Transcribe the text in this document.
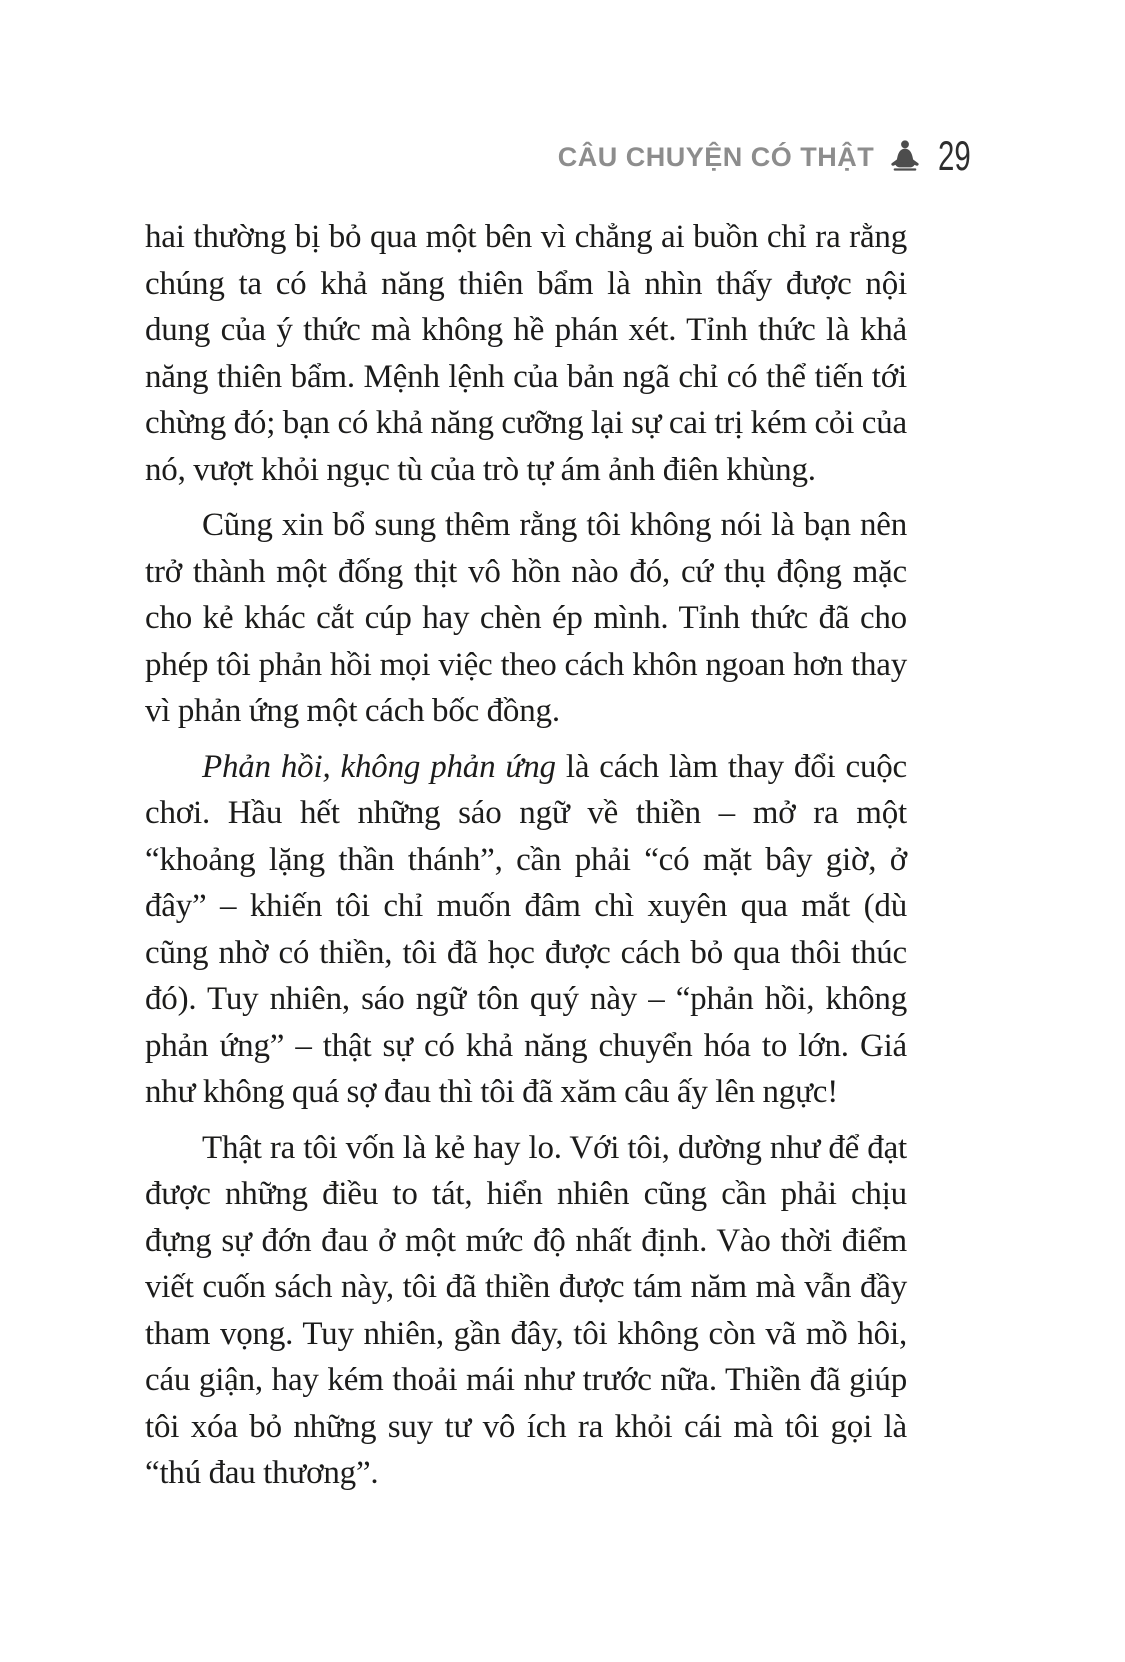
CÂU CHUYỆN CÓ THẬT 29

hai thường bị bỏ qua một bên vì chẳng ai buồn chỉ ra rằng chúng ta có khả năng thiên bẩm là nhìn thấy được nội dung của ý thức mà không hề phán xét. Tỉnh thức là khả năng thiên bẩm. Mệnh lệnh của bản ngã chỉ có thể tiến tới chừng đó; bạn có khả năng cưỡng lại sự cai trị kém cỏi của nó, vượt khỏi ngục tù của trò tự ám ảnh điên khùng.

Cũng xin bổ sung thêm rằng tôi không nói là bạn nên trở thành một đống thịt vô hồn nào đó, cứ thụ động mặc cho kẻ khác cắt cúp hay chèn ép mình. Tỉnh thức đã cho phép tôi phản hồi mọi việc theo cách khôn ngoan hơn thay vì phản ứng một cách bốc đồng.

Phản hồi, không phản ứng là cách làm thay đổi cuộc chơi. Hầu hết những sáo ngữ về thiền – mở ra một “khoảng lặng thần thánh”, cần phải “có mặt bây giờ, ở đây” – khiến tôi chỉ muốn đâm chì xuyên qua mắt (dù cũng nhờ có thiền, tôi đã học được cách bỏ qua thôi thúc đó). Tuy nhiên, sáo ngữ tôn quý này – “phản hồi, không phản ứng” – thật sự có khả năng chuyển hóa to lớn. Giá như không quá sợ đau thì tôi đã xăm câu ấy lên ngực!

Thật ra tôi vốn là kẻ hay lo. Với tôi, dường như để đạt được những điều to tát, hiển nhiên cũng cần phải chịu đựng sự đớn đau ở một mức độ nhất định. Vào thời điểm viết cuốn sách này, tôi đã thiền được tám năm mà vẫn đầy tham vọng. Tuy nhiên, gần đây, tôi không còn vã mồ hôi, cáu giận, hay kém thoải mái như trước nữa. Thiền đã giúp tôi xóa bỏ những suy tư vô ích ra khỏi cái mà tôi gọi là “thú đau thương”.
